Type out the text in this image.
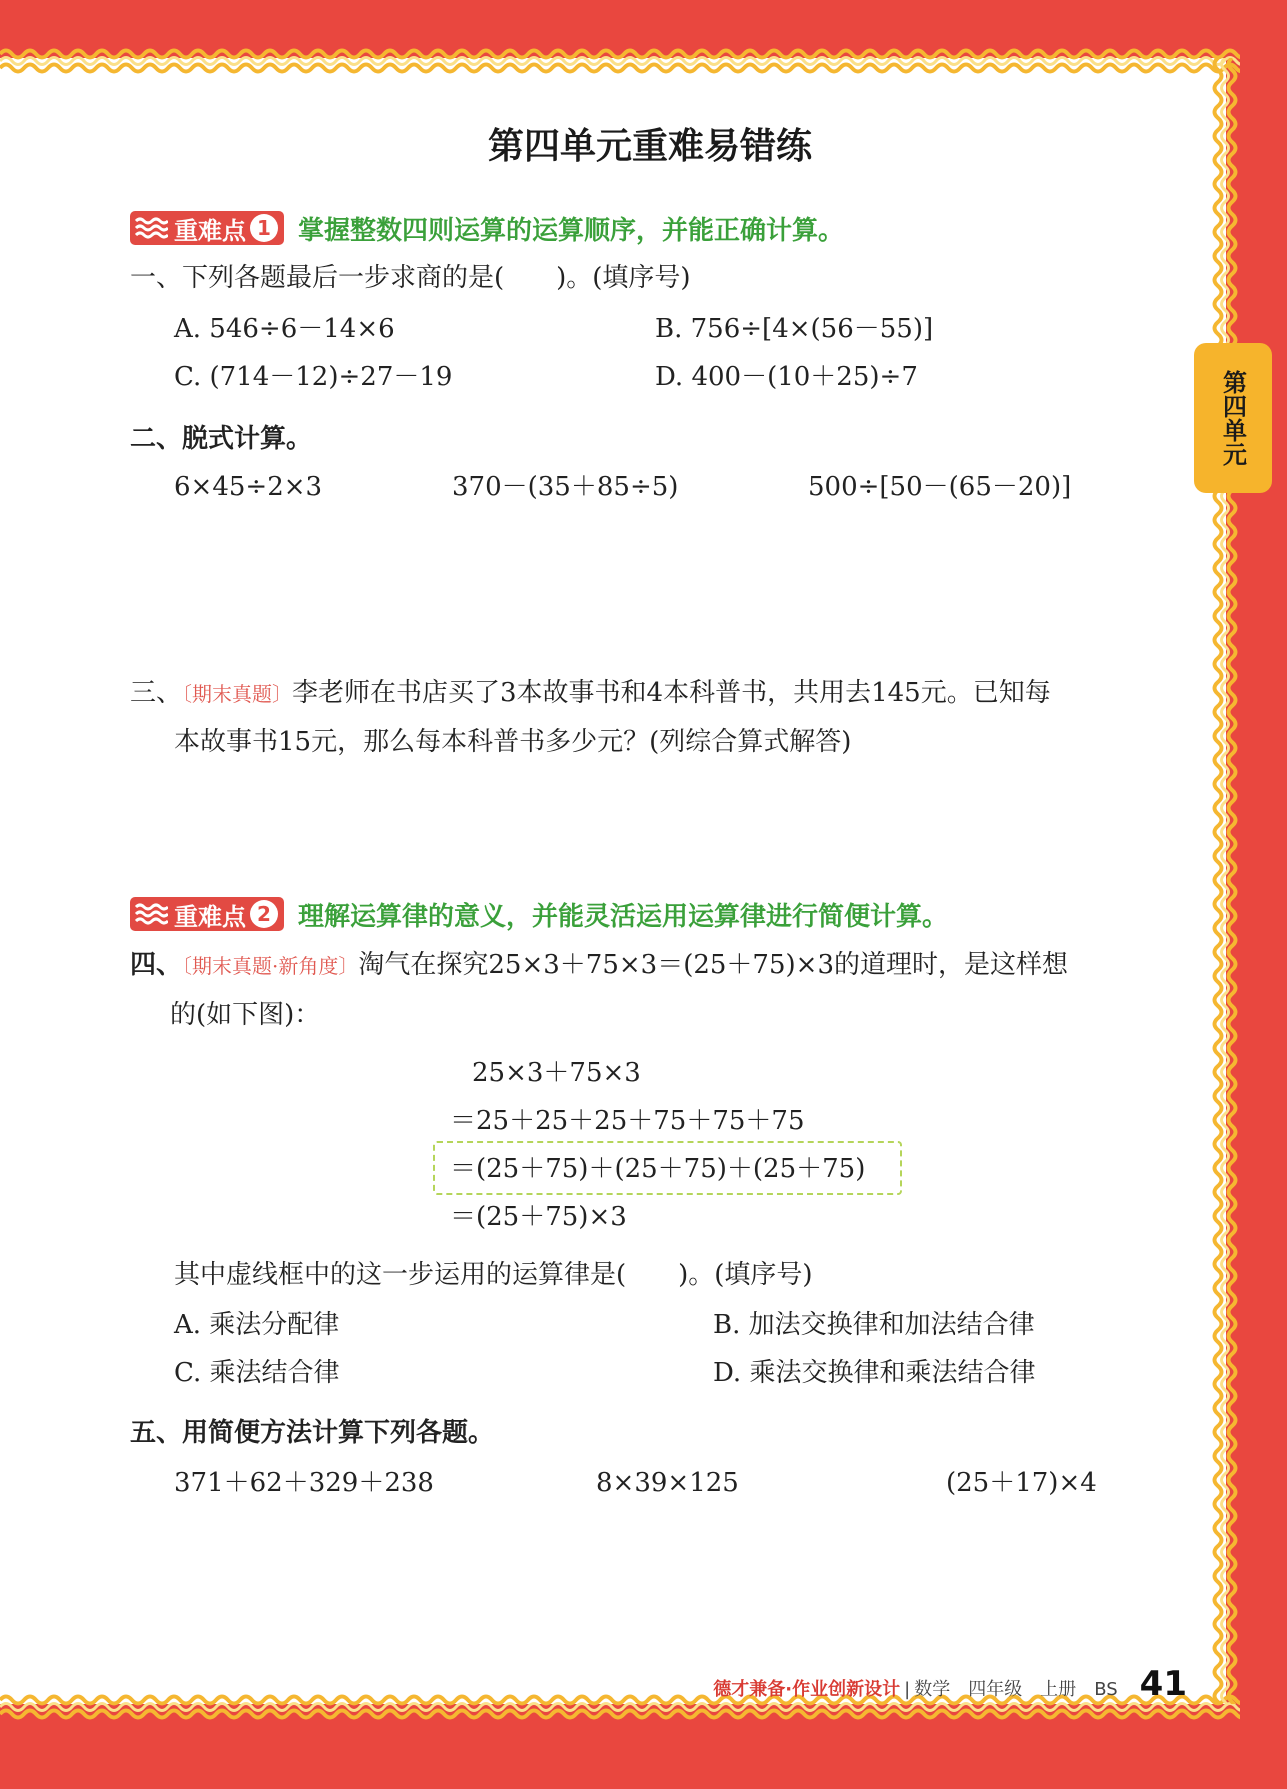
第四单元重难易错练
第四单元
重难点 1 掌握整数四则运算的运算顺序，并能正确计算。
一、下列各题最后一步求商的是(　　)。(填序号)
A. 546÷6－14×6	B. 756÷[4×(56－55)]
C. (714－12)÷27－19	D. 400－(10＋25)÷7
二、脱式计算。
6×45÷2×3	370－(35＋85÷5)	500÷[50－(65－20)]
三、〔期末真题〕李老师在书店买了3本故事书和4本科普书，共用去145元。已知每
本故事书15元，那么每本科普书多少元？(列综合算式解答)
重难点 2 理解运算律的意义，并能灵活运用运算律进行简便计算。
四、〔期末真题·新角度〕淘气在探究25×3＋75×3＝(25＋75)×3的道理时，是这样想
的(如下图)：
25×3＋75×3
＝25＋25＋25＋75＋75＋75
＝(25＋75)＋(25＋75)＋(25＋75)
＝(25＋75)×3
其中虚线框中的这一步运用的运算律是(　　)。(填序号)
A. 乘法分配律	B. 加法交换律和加法结合律
C. 乘法结合律	D. 乘法交换律和乘法结合律
五、用简便方法计算下列各题。
371＋62＋329＋238	8×39×125	(25＋17)×4
德才兼备·作业创新设计 | 数学　四年级　上册　BS 41
